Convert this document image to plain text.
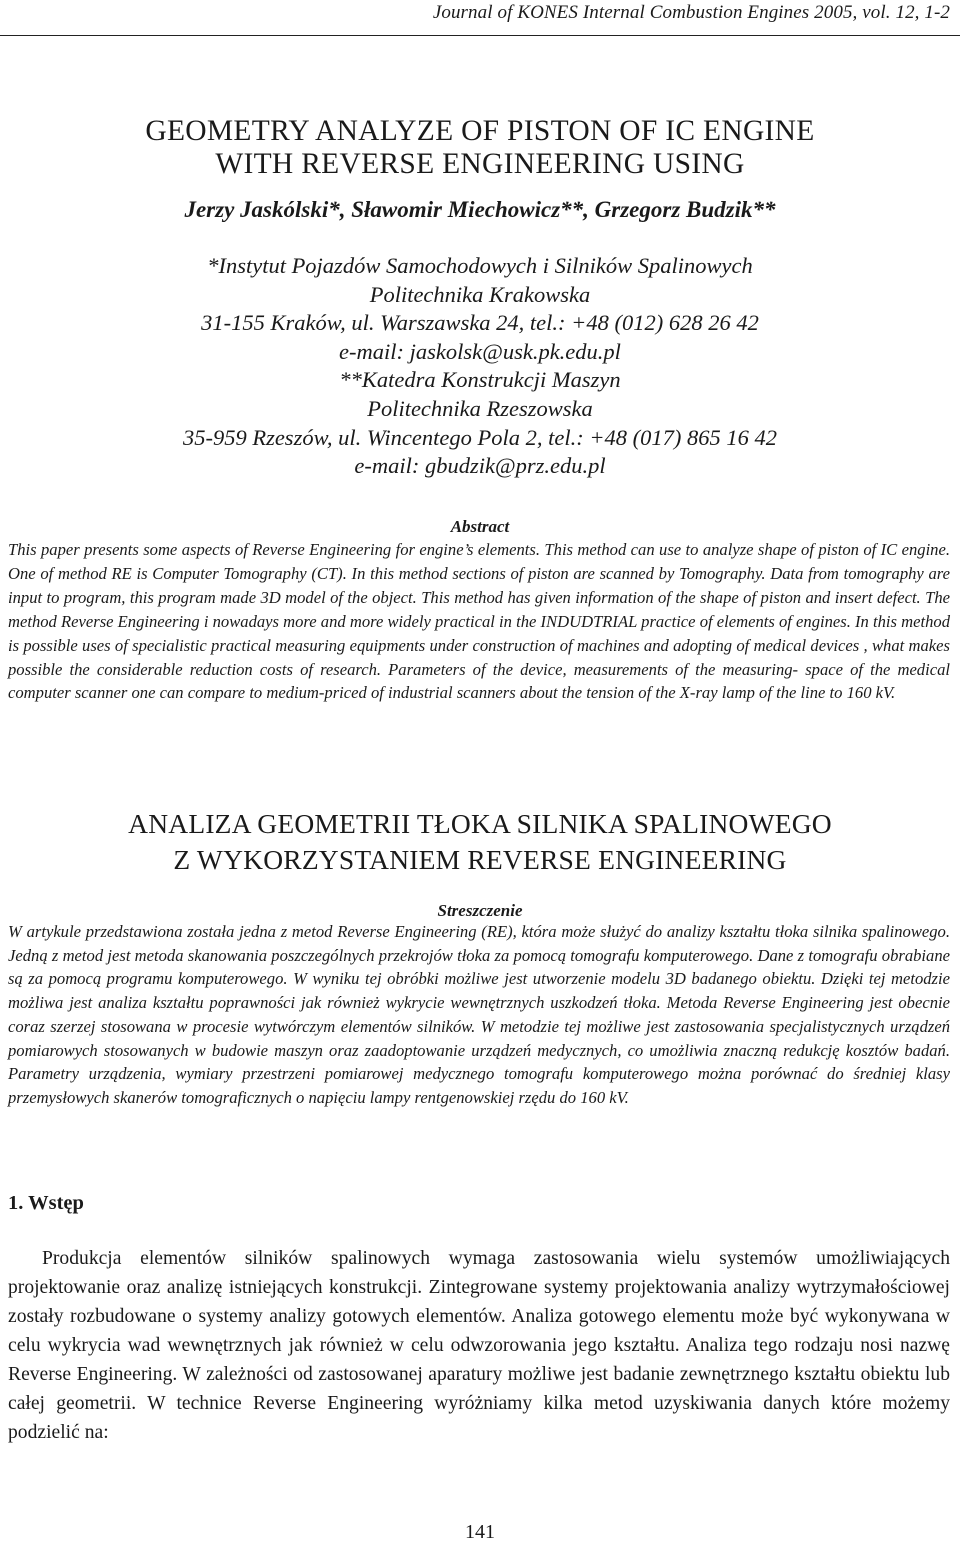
Journal of KONES Internal Combustion Engines 2005, vol. 12, 1-2
GEOMETRY ANALYZE OF PISTON OF IC ENGINE
WITH REVERSE ENGINEERING USING
Jerzy Jaskólski*, Sławomir Miechowicz**, Grzegorz Budzik**
*Instytut Pojazdów Samochodowych i Silników Spalinowych
Politechnika Krakowska
31-155 Kraków, ul. Warszawska 24, tel.: +48 (012) 628 26 42
e-mail: jaskolsk@usk.pk.edu.pl
**Katedra Konstrukcji Maszyn
Politechnika Rzeszowska
35-959 Rzeszów, ul. Wincentego Pola 2, tel.: +48 (017) 865 16 42
e-mail: gbudzik@prz.edu.pl
Abstract
This paper presents some aspects of Reverse Engineering for engine’s elements. This method can use to analyze shape of piston of IC engine. One of method RE is Computer Tomography (CT). In this method sections of piston are scanned by Tomography. Data from tomography are input to program, this program made 3D model of the object. This method has given information of the shape of piston and insert defect. The method Reverse Engineering i nowadays more and more widely practical in the INDUDTRIAL practice of elements of engines. In this method is possible uses of specialistic practical measuring equipments under construction of machines and adopting of medical devices , what makes possible the considerable reduction costs of research. Parameters of the device, measurements of the measuring- space of the medical computer scanner one can compare to medium-priced of industrial scanners about the tension of the X-ray lamp of the line to 160 kV.
ANALIZA GEOMETRII TŁOKA SILNIKA SPALINOWEGO
Z WYKORZYSTANIEM REVERSE ENGINEERING
Streszczenie
W artykule przedstawiona została jedna z metod Reverse Engineering (RE), która może służyć do analizy kształtu tłoka silnika spalinowego. Jedną z metod jest metoda skanowania poszczególnych przekrojów tłoka za pomocą tomografu komputerowego. Dane z tomografu obrabiane są za pomocą programu komputerowego. W wyniku tej obróbki możliwe jest utworzenie modelu 3D badanego obiektu. Dzięki tej metodzie możliwa jest analiza kształtu poprawności jak również wykrycie wewnętrznych uszkodzeń tłoka. Metoda Reverse Engineering jest obecnie coraz szerzej stosowana w procesie wytwórczym elementów silników. W metodzie tej możliwe jest zastosowania specjalistycznych urządzeń pomiarowych stosowanych w budowie maszyn oraz zaadoptowanie urządzeń medycznych, co umożliwia znaczną redukcję kosztów badań. Parametry urządzenia, wymiary przestrzeni pomiarowej medycznego tomografu komputerowego można porównać do średniej klasy przemysłowych skanerów tomograficznych o napięciu lampy rentgenowskiej rzędu do 160 kV.
1. Wstęp
Produkcja elementów silników spalinowych wymaga zastosowania wielu systemów umożliwiających projektowanie oraz analizę istniejących konstrukcji. Zintegrowane systemy projektowania analizy wytrzymałościowej zostały rozbudowane o systemy analizy gotowych elementów. Analiza gotowego elementu może być wykonywana w celu wykrycia wad wewnętrznych jak również w celu odwzorowania jego kształtu. Analiza tego rodzaju nosi nazwę Reverse Engineering. W zależności od zastosowanej aparatury możliwe jest badanie zewnętrznego kształtu obiektu lub całej geometrii. W technice Reverse Engineering wyróżniamy kilka metod uzyskiwania danych które możemy podzielić na:
141
